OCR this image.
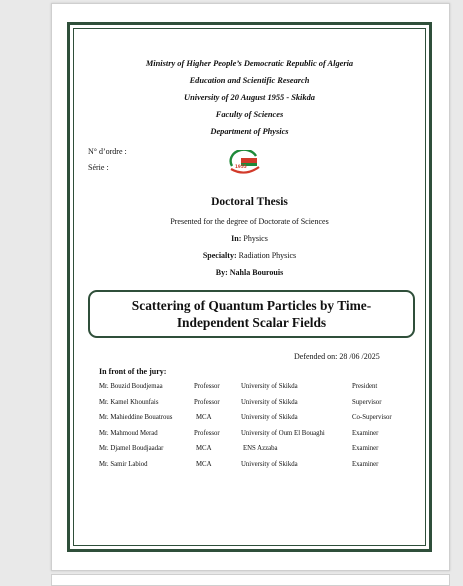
Ministry of Higher People’s Democratic Republic of Algeria
Education and Scientific Research
University of 20 August 1955 - Skikda
Faculty of Sciences
Department of Physics
N° d’ordre :
Série :	1955
Doctoral Thesis
Presented for the degree of Doctorate of Sciences
In: Physics
Specialty: Radiation Physics
By: Nahla Bourouis
Scattering of Quantum Particles by Time-Independent Scalar Fields
Defended on: 28 /06 /2025
In front of the jury:
Mr. Bouzid Boudjemaa	Professor	University of Skikda	President
Mr. Kamel Khounfais	Professor	University of Skikda	Supervisor
Mr. Mahieddine Bouatrous	MCA	University of Skikda	Co-Supervisor
Mr. Mahmoud Merad	Professor	University of Oum El Bouaghi	Examiner
Mr. Djamel Boudjaadar	MCA	ENS Azzaba	Examiner
Mr. Samir Labiod	MCA	University of Skikda	Examiner
